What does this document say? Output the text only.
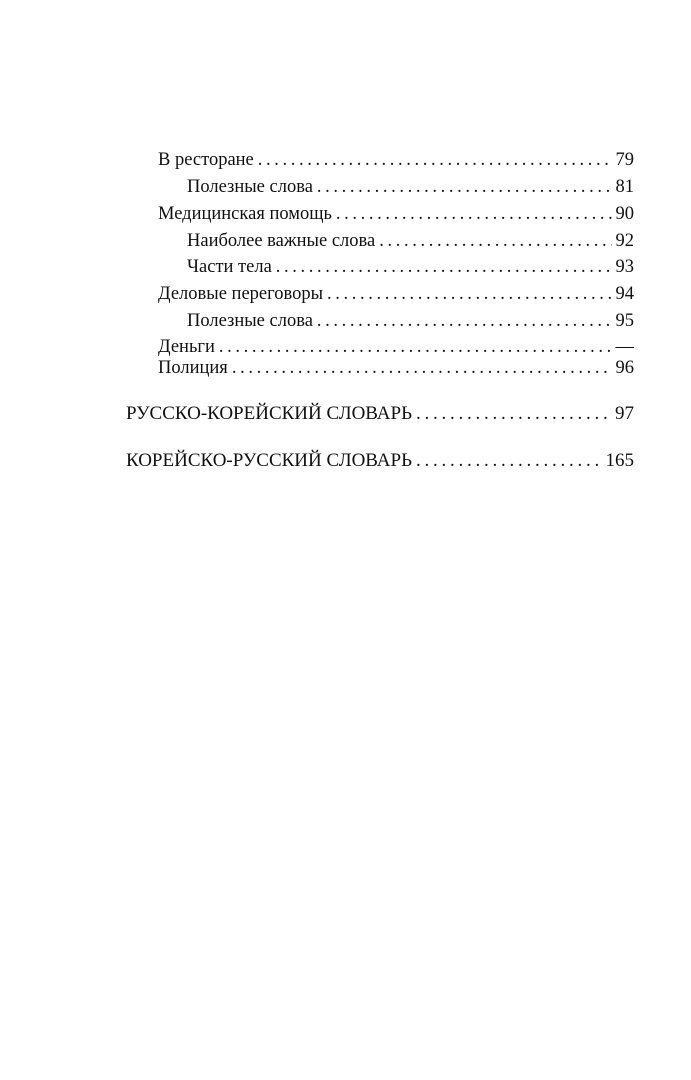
В ресторане . . .	79
Полезные слова . . .	81
Медицинская помощь . . .	90
Наиболее важные слова . . .	92
Части тела . . .	93
Деловые переговоры . . .	94
Полезные слова . . .	95
Деньги . . .	—
Полиция . . .	96
РУССКО-КОРЕЙСКИЙ СЛОВАРЬ . . .	97
КОРЕЙСКО-РУССКИЙ СЛОВАРЬ . . .	165
